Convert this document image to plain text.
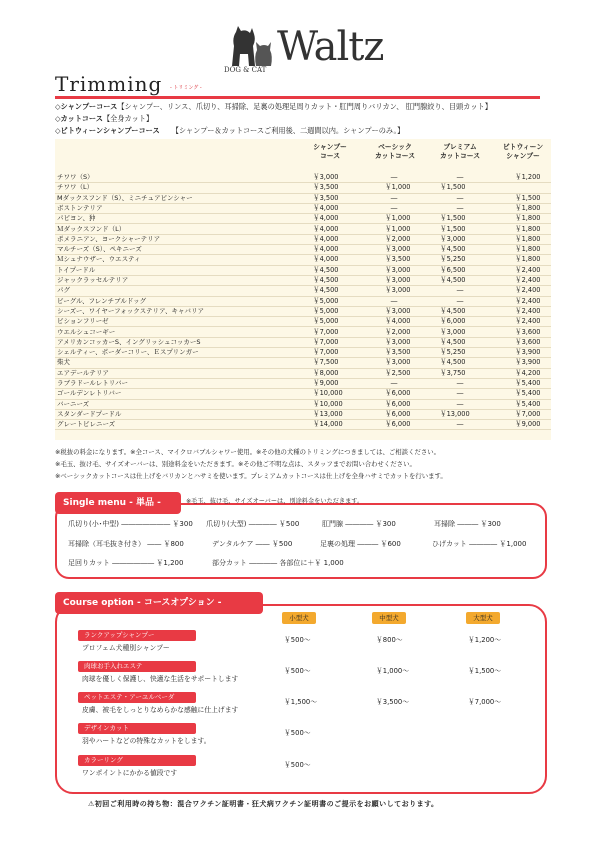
Waltz
DOG & CAT
Trimming - トリミング -
◇シャンプーコース【シャンプー、リンス、爪切り、耳掃除、足裏の処理足周りカット・肛門周りバリカン、 肛門腺絞り、目頭カット】
◇カットコース【全身カット】
◇ビトウィーンシャンプーコース 【シャンプー＆カットコースご利用後、二週間以内。シャンプーのみ。】
シャンプー
コース
ベーシック
カットコース
プレミアム
カットコース
ビトウィーン
シャンプー
チワワ（S）	￥3,000	―	―	￥1,200
チワワ（L）	￥3,500	￥1,000	￥1,500
Mダックスフンド（S）、ミニチュアピンシャー	￥3,500	―	―	￥1,500
ボストンテリア	￥4,000	―	―	￥1,800
パピヨン、狆	￥4,000	￥1,000	￥1,500	￥1,800
Ｍダックスフンド（L）	￥4,000	￥1,000	￥1,500	￥1,800
ポメラニアン、ヨークシャーテリア	￥4,000	￥2,000	￥3,000	￥1,800
マルチーズ（S）、ペキニーズ	￥4,000	￥3,000	￥4,500	￥1,800
Ｍシュナウザー、ウエスティ	￥4,000	￥3,500	￥5,250	￥1,800
トイプードル	￥4,500	￥3,000	￥6,500	￥2,400
ジャックラッセルテリア	￥4,500	￥3,000	￥4,500	￥2,400
パグ	￥4,500	￥3,000	―	￥2,400
ビーグル、フレンチブルドッグ	￥5,000	―	―	￥2,400
シーズー、ワイヤーフォックステリア、キャバリア	￥5,000	￥3,000	￥4,500	￥2,400
ビションフリーゼ	￥5,000	￥4,000	￥6,000	￥2,400
ウエルシュコーギー	￥7,000	￥2,000	￥3,000	￥3,600
アメリカンコッカーS、イングリッシュコッカーS	￥7,000	￥3,000	￥4,500	￥3,600
シェルティー、ボーダーコリー、Ｅスプリンガー	￥7,000	￥3,500	￥5,250	￥3,900
柴犬	￥7,500	￥3,000	￥4,500	￥3,900
エアデールテリア	￥8,000	￥2,500	￥3,750	￥4,200
ラブラドールレトリバー	￥9,000	―	―	￥5,400
ゴールデンレトリバー	￥10,000	￥6,000	―	￥5,400
バーニーズ	￥10,000	￥6,000	―	￥5,400
スタンダードプードル	￥13,000	￥6,000	￥13,000	￥7,000
グレートピレニーズ	￥14,000	￥6,000	―	￥9,000
※税抜の料金になります。※全コース、マイクロバブルシャワー使用。※その他の犬種のトリミングにつきましては、ご相談ください。
※毛玉、抜け毛、サイズオーバーは、別途料金をいただきます。※その他ご不明な点は、スタッフまでお問い合わせください。
※ベーシックカットコースは仕上げをバリカンとハサミを使います。プレミアムカットコースは仕上げを全身ハサミでカットを行います。
Single menu - 単品 -	※毛玉、抜け毛、サイズオーバーは、別途料金をいただきます。
爪切り(小･中型) ――――――― ￥300 爪切り(大型) ―――― ￥500	肛門腺 ―――― ￥300	耳掃除 ――― ￥300
耳掃除（耳毛抜き付き） ―― ￥800	デンタルケア ―― ￥500	足裏の処理 ――― ￥600	ひげカット ―――― ￥1,000
足回りカット ―――――― ￥1,200	部分カット ―――― 各部位に＋￥ 1,000
Course option - コースオプション -
小型犬	中型犬	大型犬
ランクアップシャンプー
プロフェム犬種別シャンプー
￥500～	￥800～	￥1,200～
肉球お手入れエステ
肉球を優しく保護し、快適な生活をサポートします
￥500～	￥1,000～	￥1,500～
ペットエステ・アーユルベーダ
皮膚、被毛をしっとりなめらかな感触に仕上げます
￥1,500～	￥3,500～	￥7,000～
デザインカット
羽やハートなどの特殊なカットをします。
￥500～
カラーリング
ワンポイントにかかる値段です
￥500～
⚠初回ご利用時の持ち物：混合ワクチン証明書・狂犬病ワクチン証明書のご提示をお願いしております。
